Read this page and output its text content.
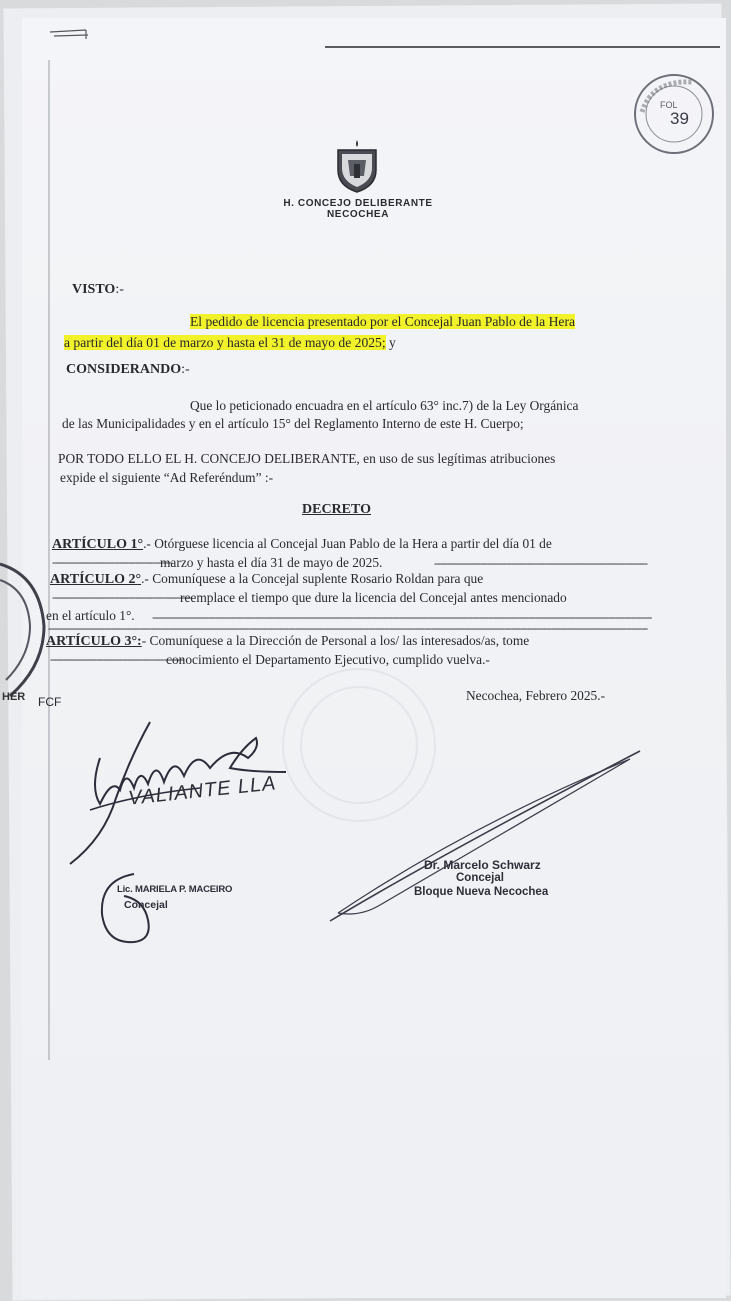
FOL
39
H. CONCEJO DELIBERANTE
NECOCHEA
VISTO:-
El pedido de licencia presentado por el Concejal Juan Pablo de la Hera
a partir del día 01 de marzo y hasta el 31 de mayo de 2025; y
CONSIDERANDO:-
Que lo peticionado encuadra en el artículo 63° inc.7) de la Ley Orgánica
de las Municipalidades y en el artículo 15° del Reglamento Interno de este H. Cuerpo;
POR TODO ELLO EL H. CONCEJO DELIBERANTE, en uso de sus legítimas atribuciones
expide el siguiente “Ad Referéndum” :-
DECRETO
ARTÍCULO 1°.- Otórguese licencia al Concejal Juan Pablo de la Hera a partir del día 01 de
------------------------------------
marzo y hasta el día 31 de mayo de 2025.	----------------------------------------------------------------
ARTÍCULO 2°.- Comuníquese a la Concejal suplente Rosario Roldan para que
------------------------------------------
reemplace el tiempo que dure la licencia del Concejal antes mencionado
en el artículo 1°. ------------------------------------------------------------------------------------------------------------------------------------------------------
------------------------------------------------------------------------------------------------------------------------------------------------------------------------------------
ARTÍCULO 3°:- Comuníquese a la Dirección de Personal a los/ las interesados/as, tome
----------------------------------------
conocimiento el Departamento Ejecutivo, cumplido vuelva.-
HER FCF	Necochea, Febrero 2025.-
VALIANTE LLA
Lic. MARIELA P. MACEIRO
Concejal
Dr. Marcelo Schwarz
Concejal
Bloque Nueva Necochea
